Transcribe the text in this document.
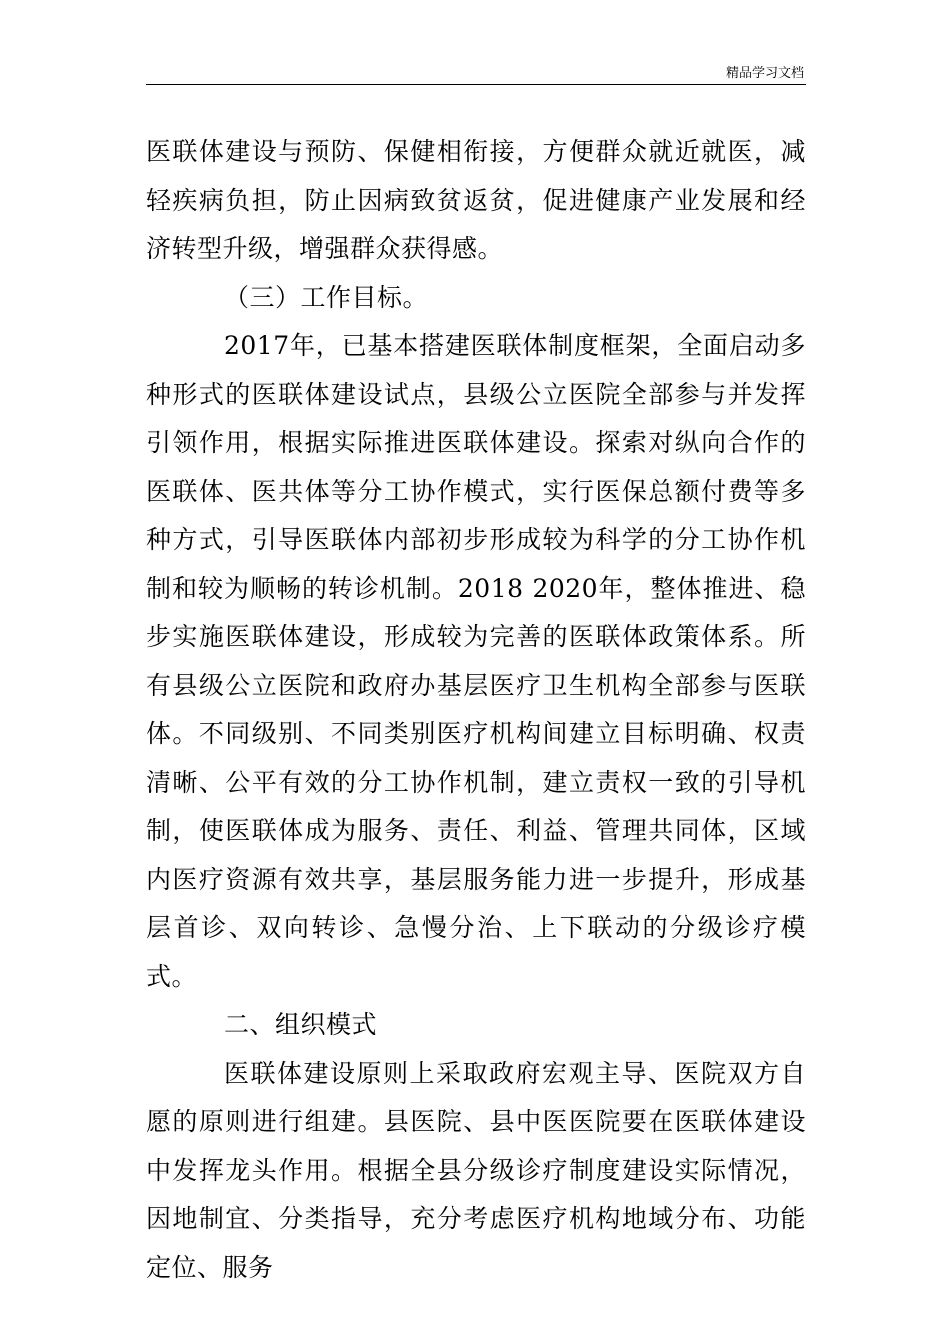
精品学习文档

医联体建设与预防、保健相衔接，方便群众就近就医，减轻疾病负担，防止因病致贫返贫，促进健康产业发展和经济转型升级，增强群众获得感。

（三）工作目标。

2017年，已基本搭建医联体制度框架，全面启动多种形式的医联体建设试点，县级公立医院全部参与并发挥引领作用，根据实际推进医联体建设。探索对纵向合作的医联体、医共体等分工协作模式，实行医保总额付费等多种方式，引导医联体内部初步形成较为科学的分工协作机制和较为顺畅的转诊机制。2018 2020年，整体推进、稳步实施医联体建设，形成较为完善的医联体政策体系。所有县级公立医院和政府办基层医疗卫生机构全部参与医联体。不同级别、不同类别医疗机构间建立目标明确、权责清晰、公平有效的分工协作机制，建立责权一致的引导机制，使医联体成为服务、责任、利益、管理共同体，区域内医疗资源有效共享，基层服务能力进一步提升，形成基层首诊、双向转诊、急慢分治、上下联动的分级诊疗模式。

二、组织模式

医联体建设原则上采取政府宏观主导、医院双方自愿的原则进行组建。县医院、县中医医院要在医联体建设中发挥龙头作用。根据全县分级诊疗制度建设实际情况，因地制宜、分类指导，充分考虑医疗机构地域分布、功能定位、服务
